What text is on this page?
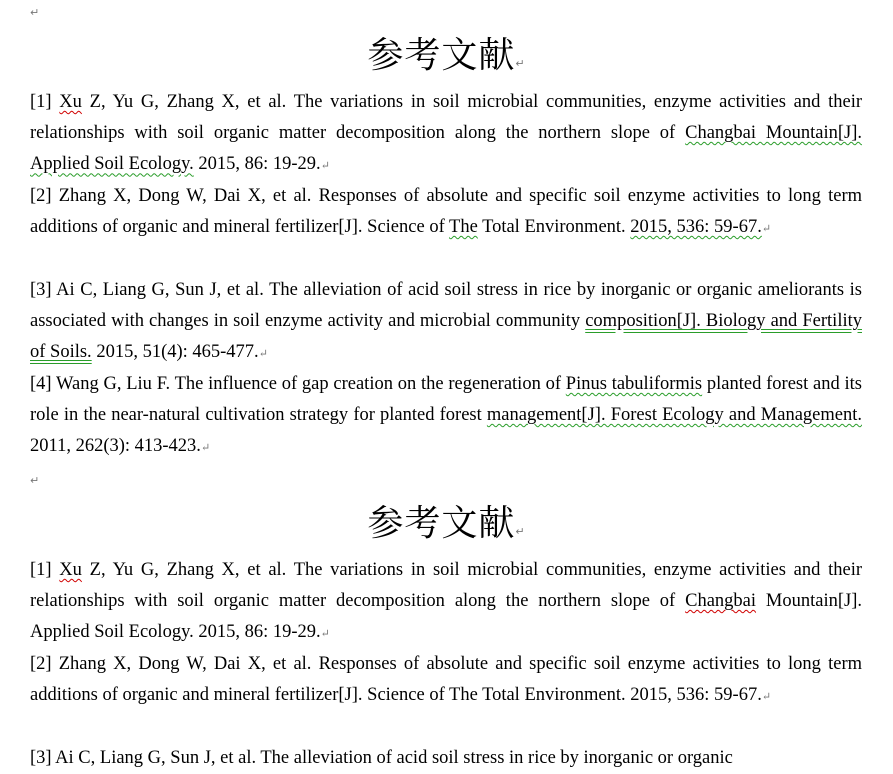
↵
参考文献↵
[1] Xu Z, Yu G, Zhang X, et al. The variations in soil microbial communities, enzyme activities and their relationships with soil organic matter decomposition along the northern slope of Changbai Mountain[J]. Applied Soil Ecology. 2015, 86: 19-29.↵
[2] Zhang X, Dong W, Dai X, et al. Responses of absolute and specific soil enzyme activities to long term additions of organic and mineral fertilizer[J]. Science of The Total Environment. 2015, 536: 59-67.↵
[3] Ai C, Liang G, Sun J, et al. The alleviation of acid soil stress in rice by inorganic or organic ameliorants is associated with changes in soil enzyme activity and microbial community composition[J]. Biology and Fertility of Soils. 2015, 51(4): 465-477.↵
[4] Wang G, Liu F. The influence of gap creation on the regeneration of Pinus tabuliformis planted forest and its role in the near-natural cultivation strategy for planted forest management[J]. Forest Ecology and Management. 2011, 262(3): 413-423.↵
↵
参考文献↵
[1] Xu Z, Yu G, Zhang X, et al. The variations in soil microbial communities, enzyme activities and their relationships with soil organic matter decomposition along the northern slope of Changbai Mountain[J]. Applied Soil Ecology. 2015, 86: 19-29.↵
[2] Zhang X, Dong W, Dai X, et al. Responses of absolute and specific soil enzyme activities to long term additions of organic and mineral fertilizer[J]. Science of The Total Environment. 2015, 536: 59-67.↵
[3] Ai C, Liang G, Sun J, et al. The alleviation of acid soil stress in rice by inorganic or organic
